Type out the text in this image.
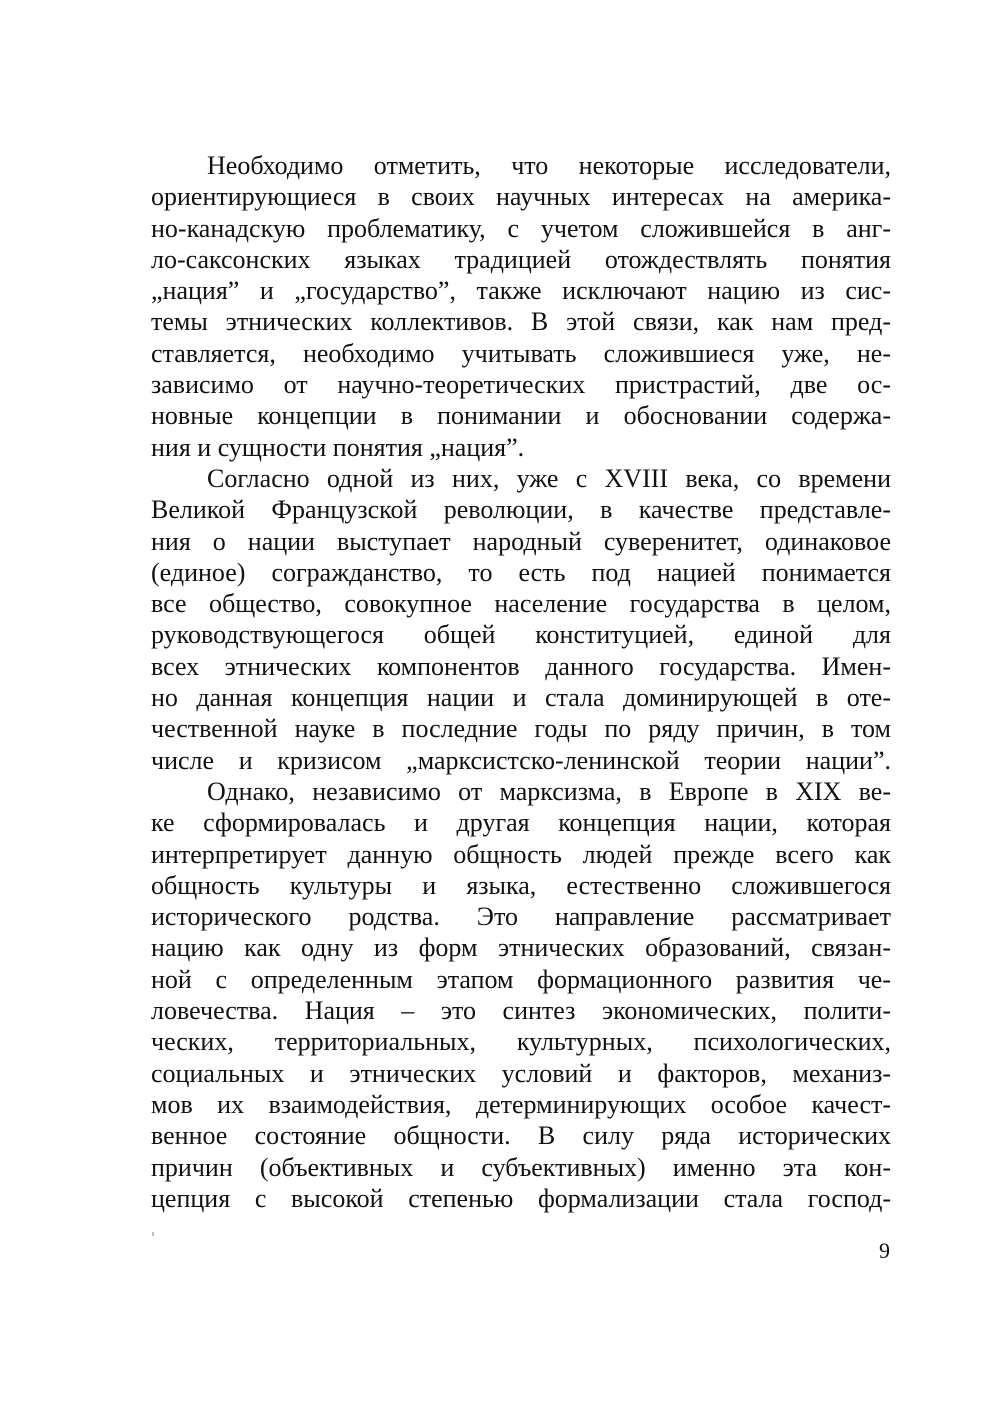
Необходимо отметить, что некоторые исследователи,
ориентирующиеся в своих научных интересах на америка-
но-канадскую проблематику, с учетом сложившейся в анг-
ло-саксонских языках традицией отождествлять понятия
„нация” и „государство”, также исключают нацию из сис-
темы этнических коллективов. В этой связи, как нам пред-
ставляется, необходимо учитывать сложившиеся уже, не-
зависимо от научно-теоретических пристрастий, две ос-
новные концепции в понимании и обосновании содержа-
ния и сущности понятия „нация”.
Согласно одной из них, уже с XVIII века, со времени
Великой Французской революции, в качестве представле-
ния о нации выступает народный суверенитет, одинаковое
(единое) согражданство, то есть под нацией понимается
все общество, совокупное население государства в целом,
руководствующегося общей конституцией, единой для
всех этнических компонентов данного государства. Имен-
но данная концепция нации и стала доминирующей в оте-
чественной науке в последние годы по ряду причин, в том
числе и кризисом „марксистско-ленинской теории нации”.
Однако, независимо от марксизма, в Европе в XIX ве-
ке сформировалась и другая концепция нации, которая
интерпретирует данную общность людей прежде всего как
общность культуры и языка, естественно сложившегося
исторического родства. Это направление рассматривает
нацию как одну из форм этнических образований, связан-
ной с определенным этапом формационного развития че-
ловечества. Нация – это синтез экономических, полити-
ческих, территориальных, культурных, психологических,
социальных и этнических условий и факторов, механиз-
мов их взаимодействия, детерминирующих особое качест-
венное состояние общности. В силу ряда исторических
причин (объективных и субъективных) именно эта кон-
цепция с высокой степенью формализации стала господ-
9
